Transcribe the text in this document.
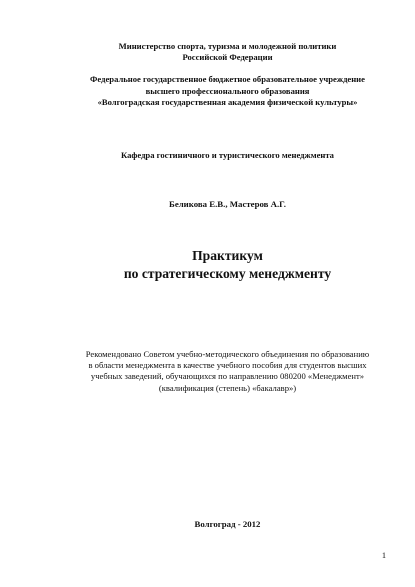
Министерство спорта, туризма и молодежной политики
Российской Федерации
Федеральное государственное бюджетное образовательное учреждение
высшего профессионального образования
«Волгоградская государственная академия физической культуры»
Кафедра гостиничного и туристического менеджмента
Беликова Е.В., Мастеров А.Г.
Практикум
по стратегическому менеджменту
Рекомендовано Советом учебно-методического объединения по образованию
в области менеджмента в качестве учебного пособия для студентов высших
учебных заведений, обучающихся по направлению 080200 «Менеджмент»
(квалификация (степень) «бакалавр»)
Волгоград - 2012
1
